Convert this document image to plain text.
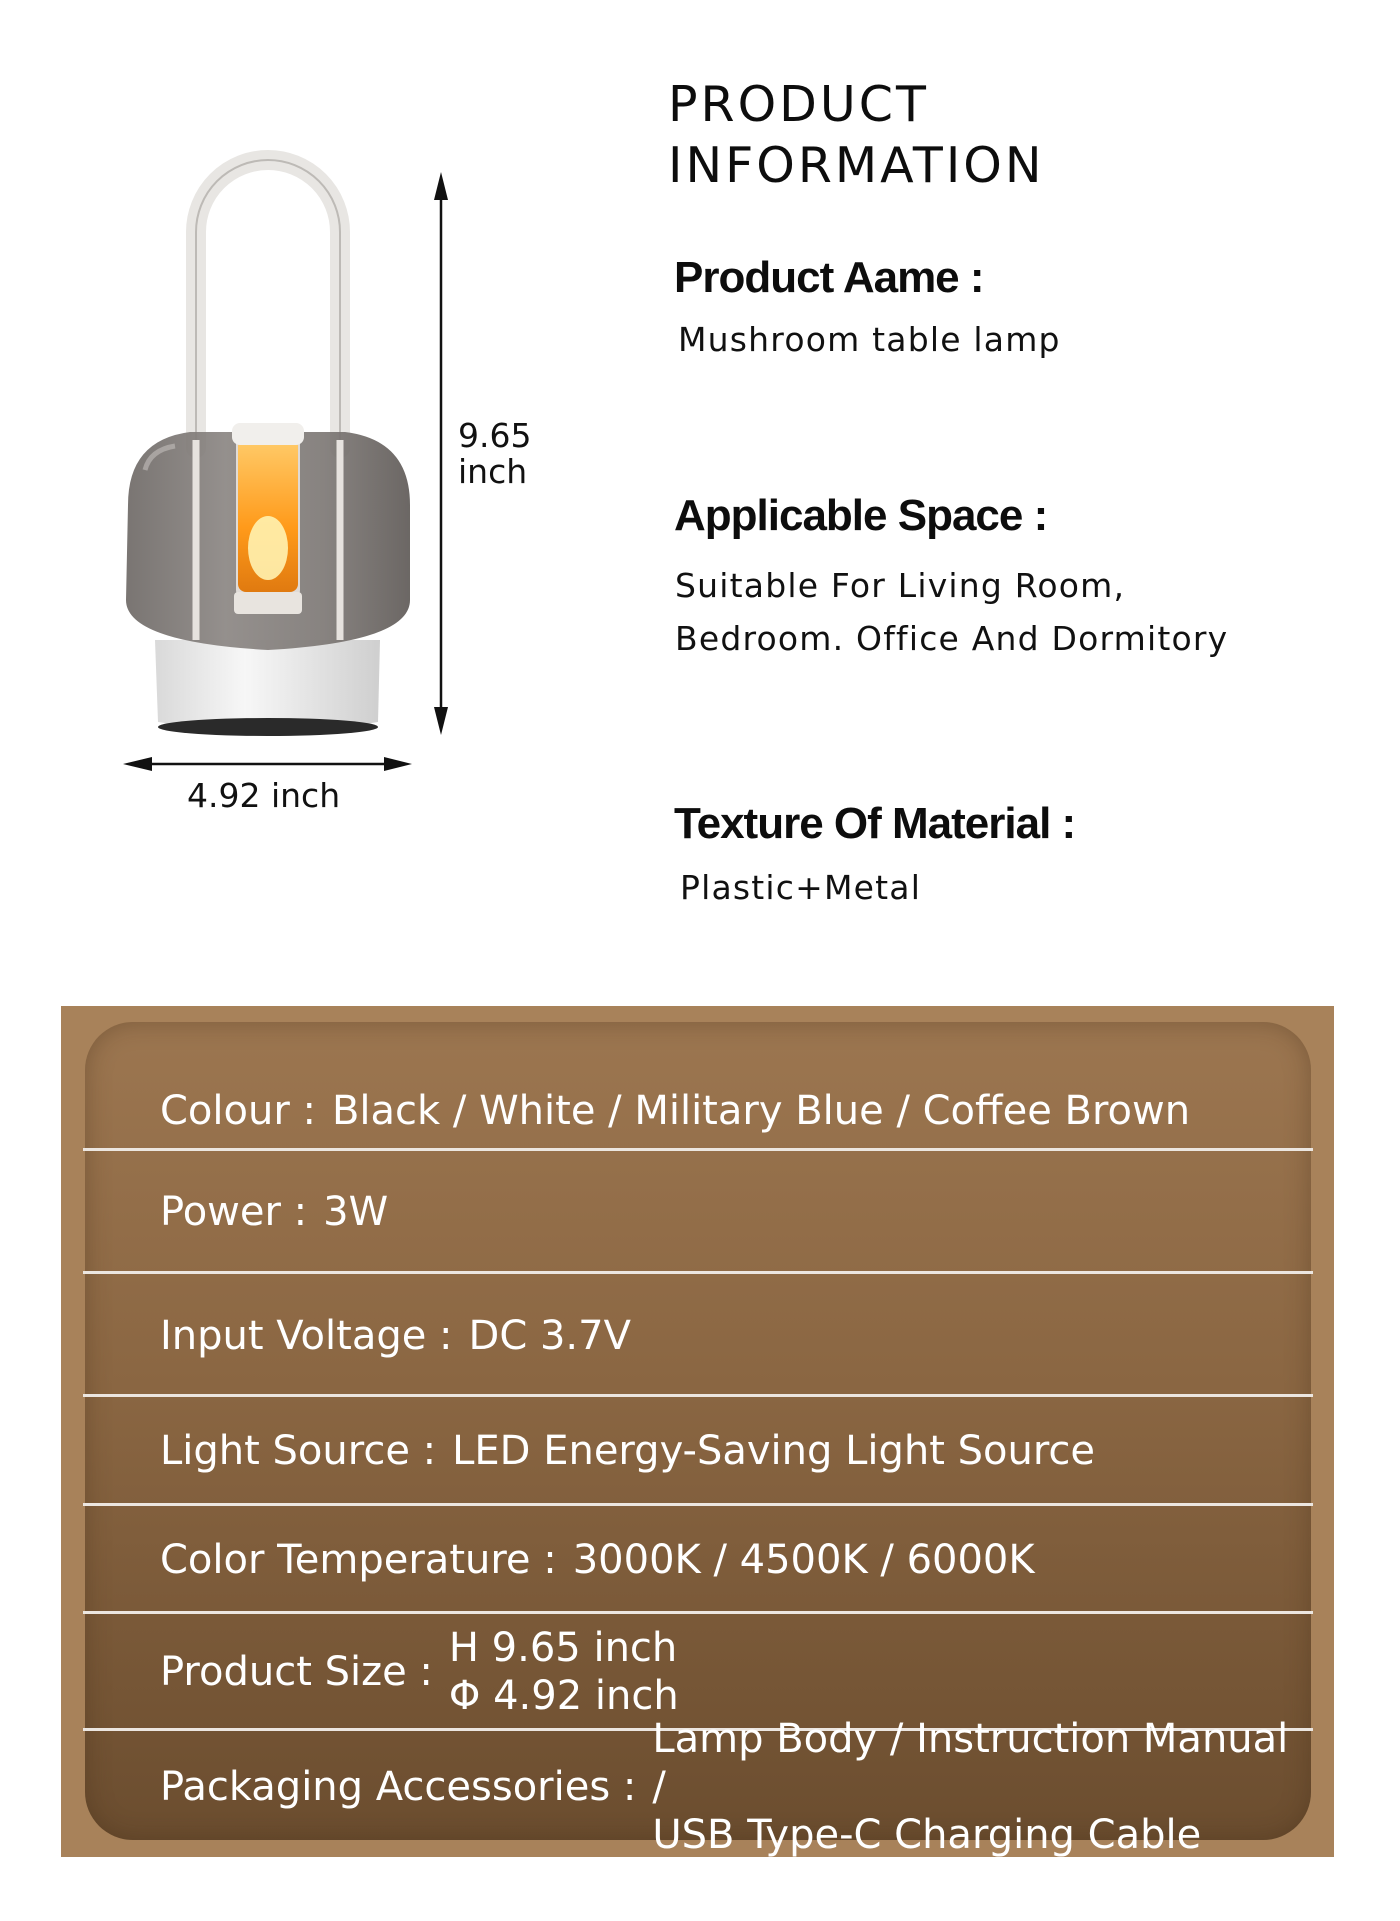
9.65
inch
4.92 inch
PRODUCT
INFORMATION
Product Aame :
Mushroom table lamp
Applicable Space :
Suitable For Living Room,
Bedroom. Office And Dormitory
Texture Of Material :
Plastic+Metal
Colour : Black / White / Military Blue / Coffee Brown
Power : 3W
Input Voltage : DC 3.7V
Light Source : LED Energy-Saving Light Source
Color Temperature : 3000K / 4500K / 6000K
Product Size :
H 9.65 inch
Φ 4.92 inch
Packaging Accessories :
Lamp Body / Instruction Manual /
USB Type-C Charging Cable
